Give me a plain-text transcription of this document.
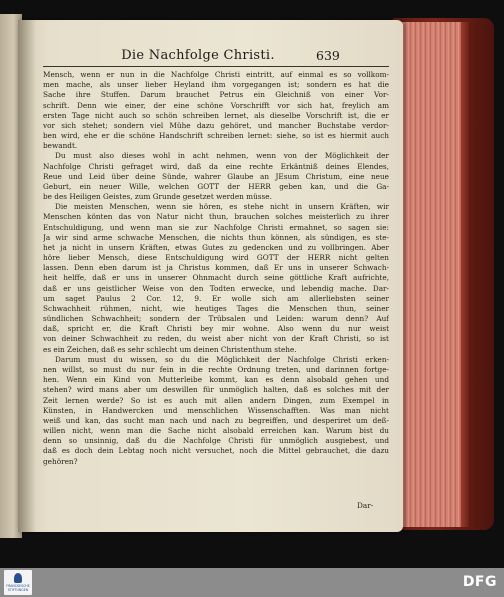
Die Nachfolge Christi.	639
Mensch, wenn er nun in die Nachfolge Christi eintritt, auf einmal es so vollkom-
men mache, als unser lieber Heyland ihm vorgegangen ist; sondern es hat die
Sache ihre Stuffen. Darum brauchet Petrus ein Gleichniß von einer Vor-
schrift. Denn wie einer, der eine schöne Vorschrifft vor sich hat, freylich am
ersten Tage nicht auch so schön schreiben lernet, als dieselbe Vorschrift ist, die er
vor sich stehet; sondern viel Mühe dazu gehöret, und mancher Buchstabe verdor-
ben wird, ehe er die schöne Handschrift schreiben lernet: siehe, so ist es hiermit auch
bewandt.
Du must also dieses wohl in acht nehmen, wenn von der Möglichkeit der
Nachfolge Christi gefraget wird, daß da eine rechte Erkäntniß deines Elendes,
Reue und Leid über deine Sünde, wahrer Glaube an JEsum Christum, eine neue
Geburt, ein neuer Wille, welchen GOTT der HERR geben kan, und die Ga-
be des Heiligen Geistes, zum Grunde gesetzet werden müsse.
Die meisten Menschen, wenn sie hören, es stehe nicht in unsern Kräften, wir
Menschen könten das von Natur nicht thun, brauchen solches meisterlich zu ihrer
Entschuldigung, und wenn man sie zur Nachfolge Christi ermahnet, so sagen sie:
Ja wir sind arme schwache Menschen, die nichts thun können, als sündigen, es ste-
het ja nicht in unsern Kräften, etwas Gutes zu gedencken und zu vollbringen. Aber
höre lieber Mensch, diese Entschuldigung wird GOTT der HERR nicht gelten
lassen. Denn eben darum ist ja Christus kommen, daß Er uns in unserer Schwach-
heit helffe, daß er uns in unserer Ohnmacht durch seine göttliche Kraft aufrichte,
daß er uns geistlicher Weise von den Todten erwecke, und lebendig mache. Dar-
um saget Paulus 2 Cor. 12, 9. Er wolle sich am allerliebsten seiner
Schwachheit rühmen, nicht, wie heutiges Tages die Menschen thun, seiner
sündlichen Schwachheit; sondern der Trübsalen und Leiden: warum denn? Auf
daß, spricht er, die Kraft Christi bey mir wohne. Also wenn du nur weist
von deiner Schwachheit zu reden, du weist aber nicht von der Kraft Christi, so ist
es ein Zeichen, daß es sehr schlecht um deinen Christenthum stehe.
Darum must du wissen, so du die Möglichkeit der Nachfolge Christi erken-
nen willst, so must du nur fein in die rechte Ordnung treten, und darinnen fortge-
hen. Wenn ein Kind von Mutterleibe kommt, kan es denn alsobald gehen und
stehen? wird mans aber um deswillen für unmöglich halten, daß es solches mit der
Zeit lernen werde? So ist es auch mit allen andern Dingen, zum Exempel in
Künsten, in Handwercken und menschlichen Wissenschafften. Was man nicht
weiß und kan, das sucht man nach und nach zu begreiffen, und desperiret um deß-
willen nicht, wenn man die Sache nicht alsobald erreichen kan. Warum bist du
denn so unsinnig, daß du die Nachfolge Christi für unmöglich ausgiebest, und
daß es doch dein Lebtag noch nicht versuchet, noch die Mittel gebrauchet, die dazu
gehören?
Dar-
FRANCKESCHE STIFTUNGEN	DFG
